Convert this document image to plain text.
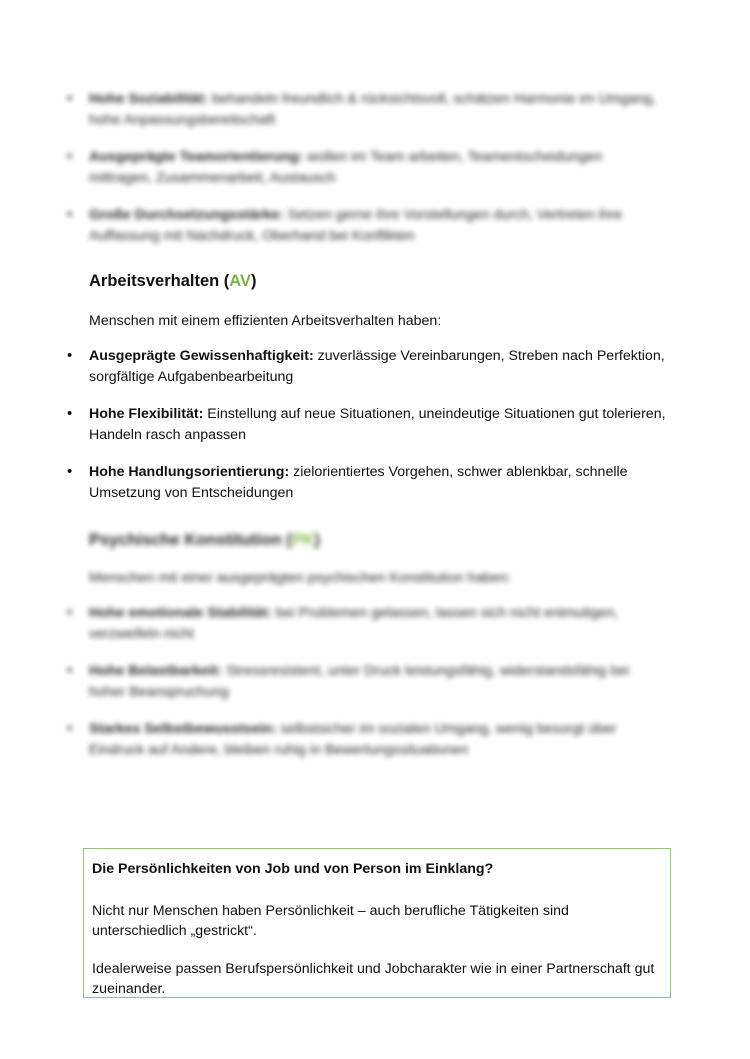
• Hohe Soziabilität: behandeln freundlich & rücksichtsvoll, schätzen Harmonie im Umgang, hohe Anpassungsbereitschaft
• Ausgeprägte Teamorientierung: wollen im Team arbeiten, Teamentscheidungen mittragen, Zusammenarbeit, Austausch
• Große Durchsetzungsstärke: Setzen gerne ihre Vorstellungen durch, Vertreten ihre Auffassung mit Nachdruck, Oberhand bei Konflikten
Arbeitsverhalten (AV)
Menschen mit einem effizienten Arbeitsverhalten haben:
• Ausgeprägte Gewissenhaftigkeit: zuverlässige Vereinbarungen, Streben nach Perfektion, sorgfältige Aufgabenbearbeitung
• Hohe Flexibilität: Einstellung auf neue Situationen, uneindeutige Situationen gut tolerieren, Handeln rasch anpassen
• Hohe Handlungsorientierung: zielorientiertes Vorgehen, schwer ablenkbar, schnelle Umsetzung von Entscheidungen
Psychische Konstitution (PK)
Menschen mit einer ausgeprägten psychischen Konstitution haben:
• Hohe emotionale Stabilität: bei Problemen gelassen, lassen sich nicht entmutigen, verzweifeln nicht
• Hohe Belastbarkeit: Stressresistent, unter Druck leistungsfähig, widerstandsfähig bei hoher Beanspruchung
• Starkes Selbstbewusstsein: selbstsicher im sozialen Umgang, wenig besorgt über Eindruck auf Andere, bleiben ruhig in Bewertungssituationen

Die Persönlichkeiten von Job und von Person im Einklang?

Nicht nur Menschen haben Persönlichkeit – auch berufliche Tätigkeiten sind unterschiedlich „gestrickt“.

Idealerweise passen Berufspersönlichkeit und Jobcharakter wie in einer Partnerschaft gut zueinander.
